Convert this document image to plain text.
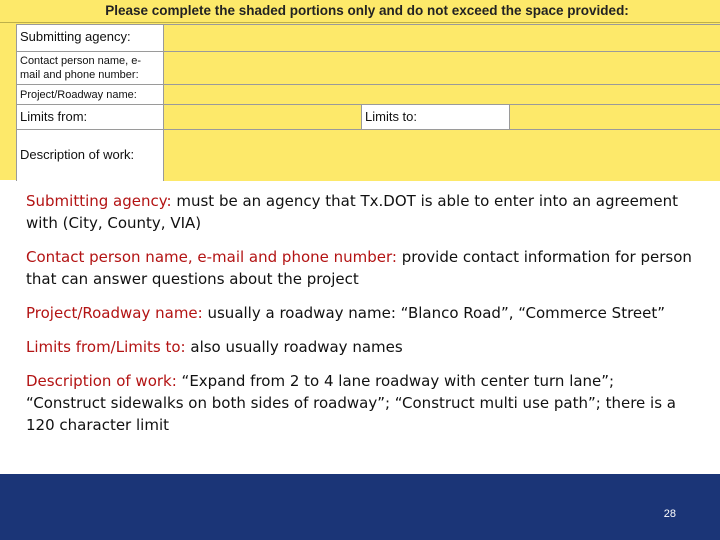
Please complete the shaded portions only and do not exceed the space provided:
Submitting agency:
Contact person name, e-mail and phone number:
Project/Roadway name:
Limits from:	Limits to:
Description of work:

Submitting agency: must be an agency that Tx.DOT is able to enter into an agreement with (City, County, VIA)

Contact person name, e-mail and phone number: provide contact information for person that can answer questions about the project

Project/Roadway name: usually a roadway name: “Blanco Road”, “Commerce Street”

Limits from/Limits to: also usually roadway names

Description of work: “Expand from 2 to 4 lane roadway with center turn lane”; “Construct sidewalks on both sides of roadway”; “Construct multi use path”; there is a 120 character limit

28
